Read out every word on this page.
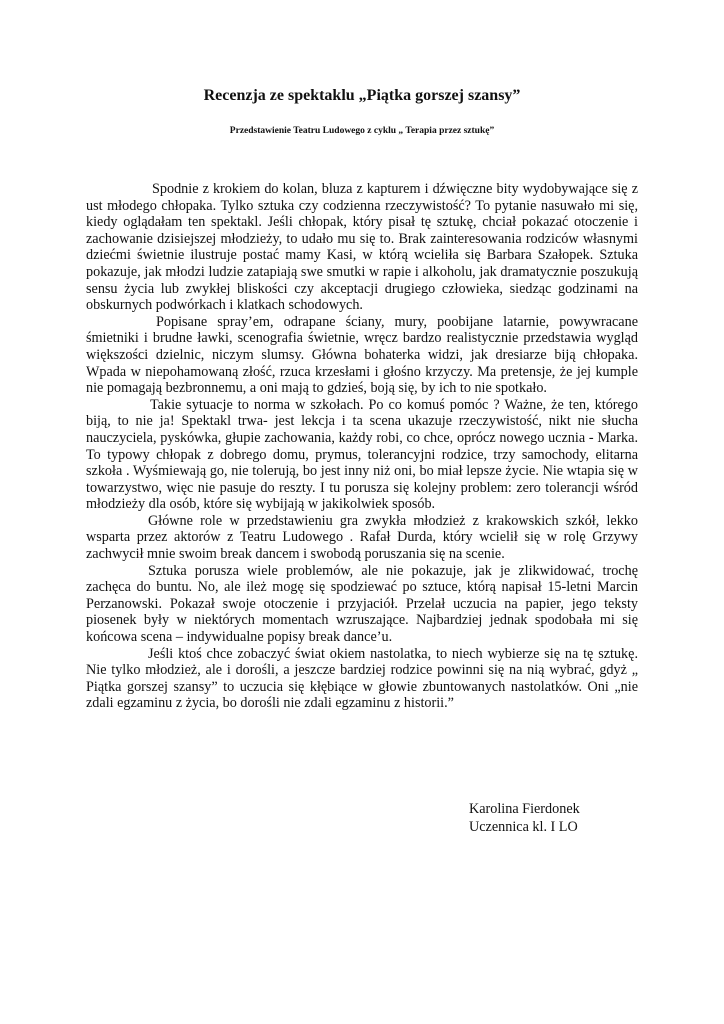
Recenzja ze spektaklu „Piątka gorszej szansy”

Przedstawienie Teatru Ludowego z cyklu „ Terapia przez sztukę”

Spodnie z krokiem do kolan, bluza z kapturem i dźwięczne bity wydobywające się z ust młodego chłopaka. Tylko sztuka czy codzienna rzeczywistość? To pytanie nasuwało mi się, kiedy oglądałam ten spektakl. Jeśli chłopak, który pisał tę sztukę, chciał pokazać otoczenie i zachowanie dzisiejszej młodzieży, to udało mu się to. Brak zainteresowania rodziców własnymi dziećmi świetnie ilustruje postać mamy Kasi, w którą wcieliła się Barbara Szałopek. Sztuka pokazuje, jak młodzi ludzie zatapiają swe smutki w rapie i alkoholu, jak dramatycznie poszukują sensu życia lub zwykłej bliskości czy akceptacji drugiego człowieka, siedząc godzinami na obskurnych podwórkach i klatkach schodowych.

Popisane spray’em, odrapane ściany, mury, poobijane latarnie, powywracane śmietniki i brudne ławki, scenografia świetnie, wręcz bardzo realistycznie przedstawia wygląd większości dzielnic, niczym slumsy. Główna bohaterka widzi, jak dresiarze biją chłopaka. Wpada w niepohamowaną złość, rzuca krzesłami i głośno krzyczy. Ma pretensje, że jej kumple nie pomagają bezbronnemu, a oni mają to gdzieś, boją się, by ich to nie spotkało.

Takie sytuacje to norma w szkołach. Po co komuś pomóc ? Ważne, że ten, którego biją, to nie ja! Spektakl trwa- jest lekcja i ta scena ukazuje rzeczywistość, nikt nie słucha nauczyciela, pyskówka, głupie zachowania, każdy robi, co chce, oprócz nowego ucznia - Marka. To typowy chłopak z dobrego domu, prymus, tolerancyjni rodzice, trzy samochody, elitarna szkoła . Wyśmiewają go, nie tolerują, bo jest inny niż oni, bo miał lepsze życie. Nie wtapia się w towarzystwo, więc nie pasuje do reszty. I tu porusza się kolejny problem: zero tolerancji wśród młodzieży dla osób, które się wybijają w jakikolwiek sposób.

Główne role w przedstawieniu gra zwykła młodzież z krakowskich szkół, lekko wsparta przez aktorów z Teatru Ludowego . Rafał Durda, który wcielił się w rolę Grzywy zachwycił mnie swoim break dancem i swobodą poruszania się na scenie.

Sztuka porusza wiele problemów, ale nie pokazuje, jak je zlikwidować, trochę zachęca do buntu. No, ale ileż mogę się spodziewać po sztuce, którą napisał 15-letni Marcin Perzanowski. Pokazał swoje otoczenie i przyjaciół. Przelał uczucia na papier, jego teksty piosenek były w niektórych momentach wzruszające. Najbardziej jednak spodobała mi się końcowa scena – indywidualne popisy break dance’u.

Jeśli ktoś chce zobaczyć świat okiem nastolatka, to niech wybierze się na tę sztukę. Nie tylko młodzież, ale i dorośli, a jeszcze bardziej rodzice powinni się na nią wybrać, gdyż „ Piątka gorszej szansy” to uczucia się kłębiące w głowie zbuntowanych nastolatków. Oni „nie zdali egzaminu z życia, bo dorośli nie zdali egzaminu z historii.”

Karolina Fierdonek
Uczennica kl. I LO
